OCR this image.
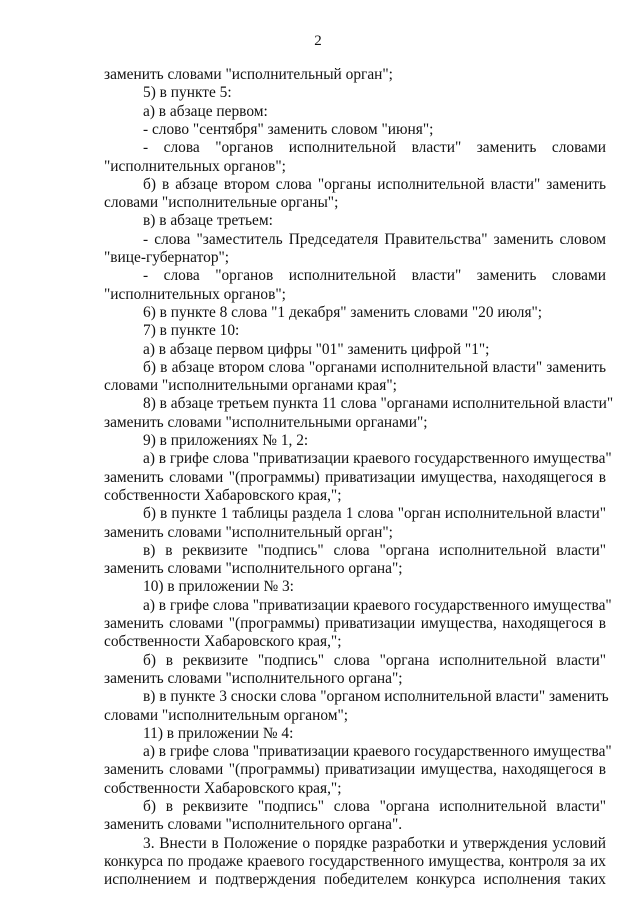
2
заменить словами "исполнительный орган";
5) в пункте 5:
а) в абзаце первом:
- слово "сентября" заменить словом "июня";
- слова "органов исполнительной власти" заменить словами
"исполнительных органов";
б) в абзаце втором слова "органы исполнительной власти" заменить
словами "исполнительные органы";
в) в абзаце третьем:
- слова "заместитель Председателя Правительства" заменить словом
"вице-губернатор";
- слова "органов исполнительной власти" заменить словами
"исполнительных органов";
6) в пункте 8 слова "1 декабря" заменить словами "20 июля";
7) в пункте 10:
а) в абзаце первом цифры "01" заменить цифрой "1";
б) в абзаце втором слова "органами исполнительной власти" заменить
словами "исполнительными органами края";
8) в абзаце третьем пункта 11 слова "органами исполнительной власти"
заменить словами "исполнительными органами";
9) в приложениях № 1, 2:
а) в грифе слова "приватизации краевого государственного имущества"
заменить словами "(программы) приватизации имущества, находящегося в
собственности Хабаровского края,";
б) в пункте 1 таблицы раздела 1 слова "орган исполнительной власти"
заменить словами "исполнительный орган";
в) в реквизите "подпись" слова "органа исполнительной власти"
заменить словами "исполнительного органа";
10) в приложении № 3:
а) в грифе слова "приватизации краевого государственного имущества"
заменить словами "(программы) приватизации имущества, находящегося в
собственности Хабаровского края,";
б) в реквизите "подпись" слова "органа исполнительной власти"
заменить словами "исполнительного органа";
в) в пункте 3 сноски слова "органом исполнительной власти" заменить
словами "исполнительным органом";
11) в приложении № 4:
а) в грифе слова "приватизации краевого государственного имущества"
заменить словами "(программы) приватизации имущества, находящегося в
собственности Хабаровского края,";
б) в реквизите "подпись" слова "органа исполнительной власти"
заменить словами "исполнительного органа".
3. Внести в Положение о порядке разработки и утверждения условий
конкурса по продаже краевого государственного имущества, контроля за их
исполнением и подтверждения победителем конкурса исполнения таких
